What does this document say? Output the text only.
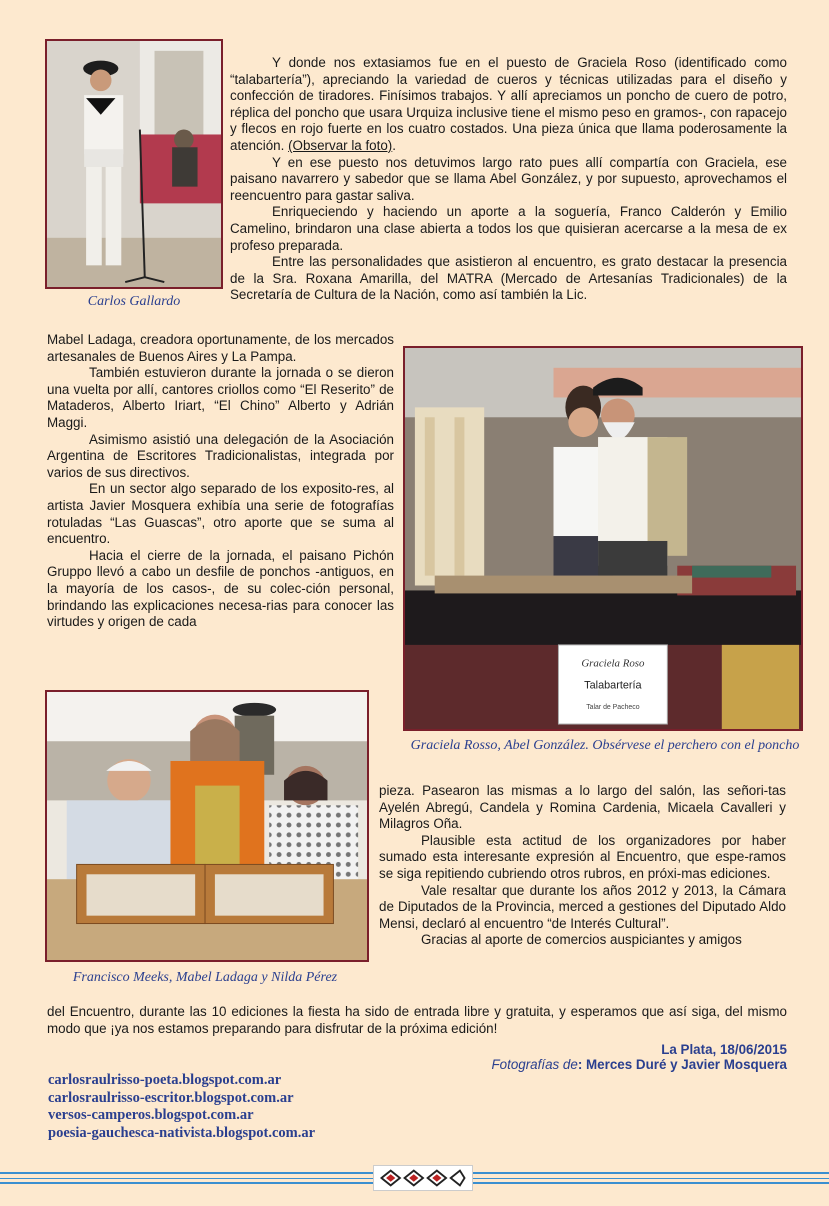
Carlos Gallardo

Y donde nos extasiamos fue en el puesto de Graciela Roso (identificado como “talabartería”), apreciando la variedad de cueros y técnicas utilizadas para el diseño y confección de tiradores. Finísimos trabajos. Y allí apreciamos un poncho de cuero de potro, réplica del poncho que usara Urquiza inclusive tiene el mismo peso en gramos-, con rapacejo y flecos en rojo fuerte en los cuatro costados. Una pieza única que llama poderosamente la atención. (Observar la foto).

Y en ese puesto nos detuvimos largo rato pues allí compartía con Graciela, ese paisano navarrero y sabedor que se llama Abel González, y por supuesto, aprovechamos el reencuentro para gastar saliva.

Enriqueciendo y haciendo un aporte a la soguería, Franco Calderón y Emilio Camelino, brindaron una clase abierta a todos los que quisieran acercarse a la mesa de ex profeso preparada.

Entre las personalidades que asistieron al encuentro, es grato destacar la presencia de la Sra. Roxana Amarilla, del MATRA (Mercado de Artesanías Tradicionales) de la Secretaría de Cultura de la Nación, como así también la Lic.

Mabel Ladaga, creadora oportunamente, de los mercados artesanales de Buenos Aires y La Pampa.

También estuvieron durante la jornada o se dieron una vuelta por allí, cantores criollos como “El Reserito” de Mataderos, Alberto Iriart, “El Chino” Alberto y Adrián Maggi.

Asimismo asistió una delegación de la Asociación Argentina de Escritores Tradicionalistas, integrada por varios de sus directivos.

En un sector algo separado de los exposito-res, al artista Javier Mosquera exhibía una serie de fotografías rotuladas “Las Guascas”, otro aporte que se suma al encuentro.

Hacia el cierre de la jornada, el paisano Pichón Gruppo llevó a cabo un desfile de ponchos -antiguos, en la mayoría de los casos-, de su colec-ción personal, brindando las explicaciones necesa-rias para conocer las virtudes y origen de cada

Graciela Roso
Talabartería
Talar de Pacheco
Graciela Rosso, Abel González. Obsérvese el perchero con el poncho
Francisco Meeks, Mabel Ladaga y Nilda Pérez

pieza. Pasearon las mismas a lo largo del salón, las señori-tas Ayelén Abregú, Candela y Romina Cardenia, Micaela Cavalleri y Milagros Oña.

Plausible esta actitud de los organizadores por haber sumado esta interesante expresión al Encuentro, que espe-ramos se siga repitiendo cubriendo otros rubros, en próxi-mas ediciones.

Vale resaltar que durante los años 2012 y 2013, la Cámara de Diputados de la Provincia, merced a gestiones del Diputado Aldo Mensi, declaró al encuentro “de Interés Cultural”.

Gracias al aporte de comercios auspiciantes y amigos

del Encuentro, durante las 10 ediciones la fiesta ha sido de entrada libre y gratuita, y esperamos que así siga, del mismo modo que ¡ya nos estamos preparando para disfrutar de la próxima edición!

La Plata, 18/06/2015
Fotografías de: Merces Duré y Javier Mosquera
carlosraulrisso-poeta.blogspot.com.ar
carlosraulrisso-escritor.blogspot.com.ar
versos-camperos.blogspot.com.ar
poesia-gauchesca-nativista.blogspot.com.ar
